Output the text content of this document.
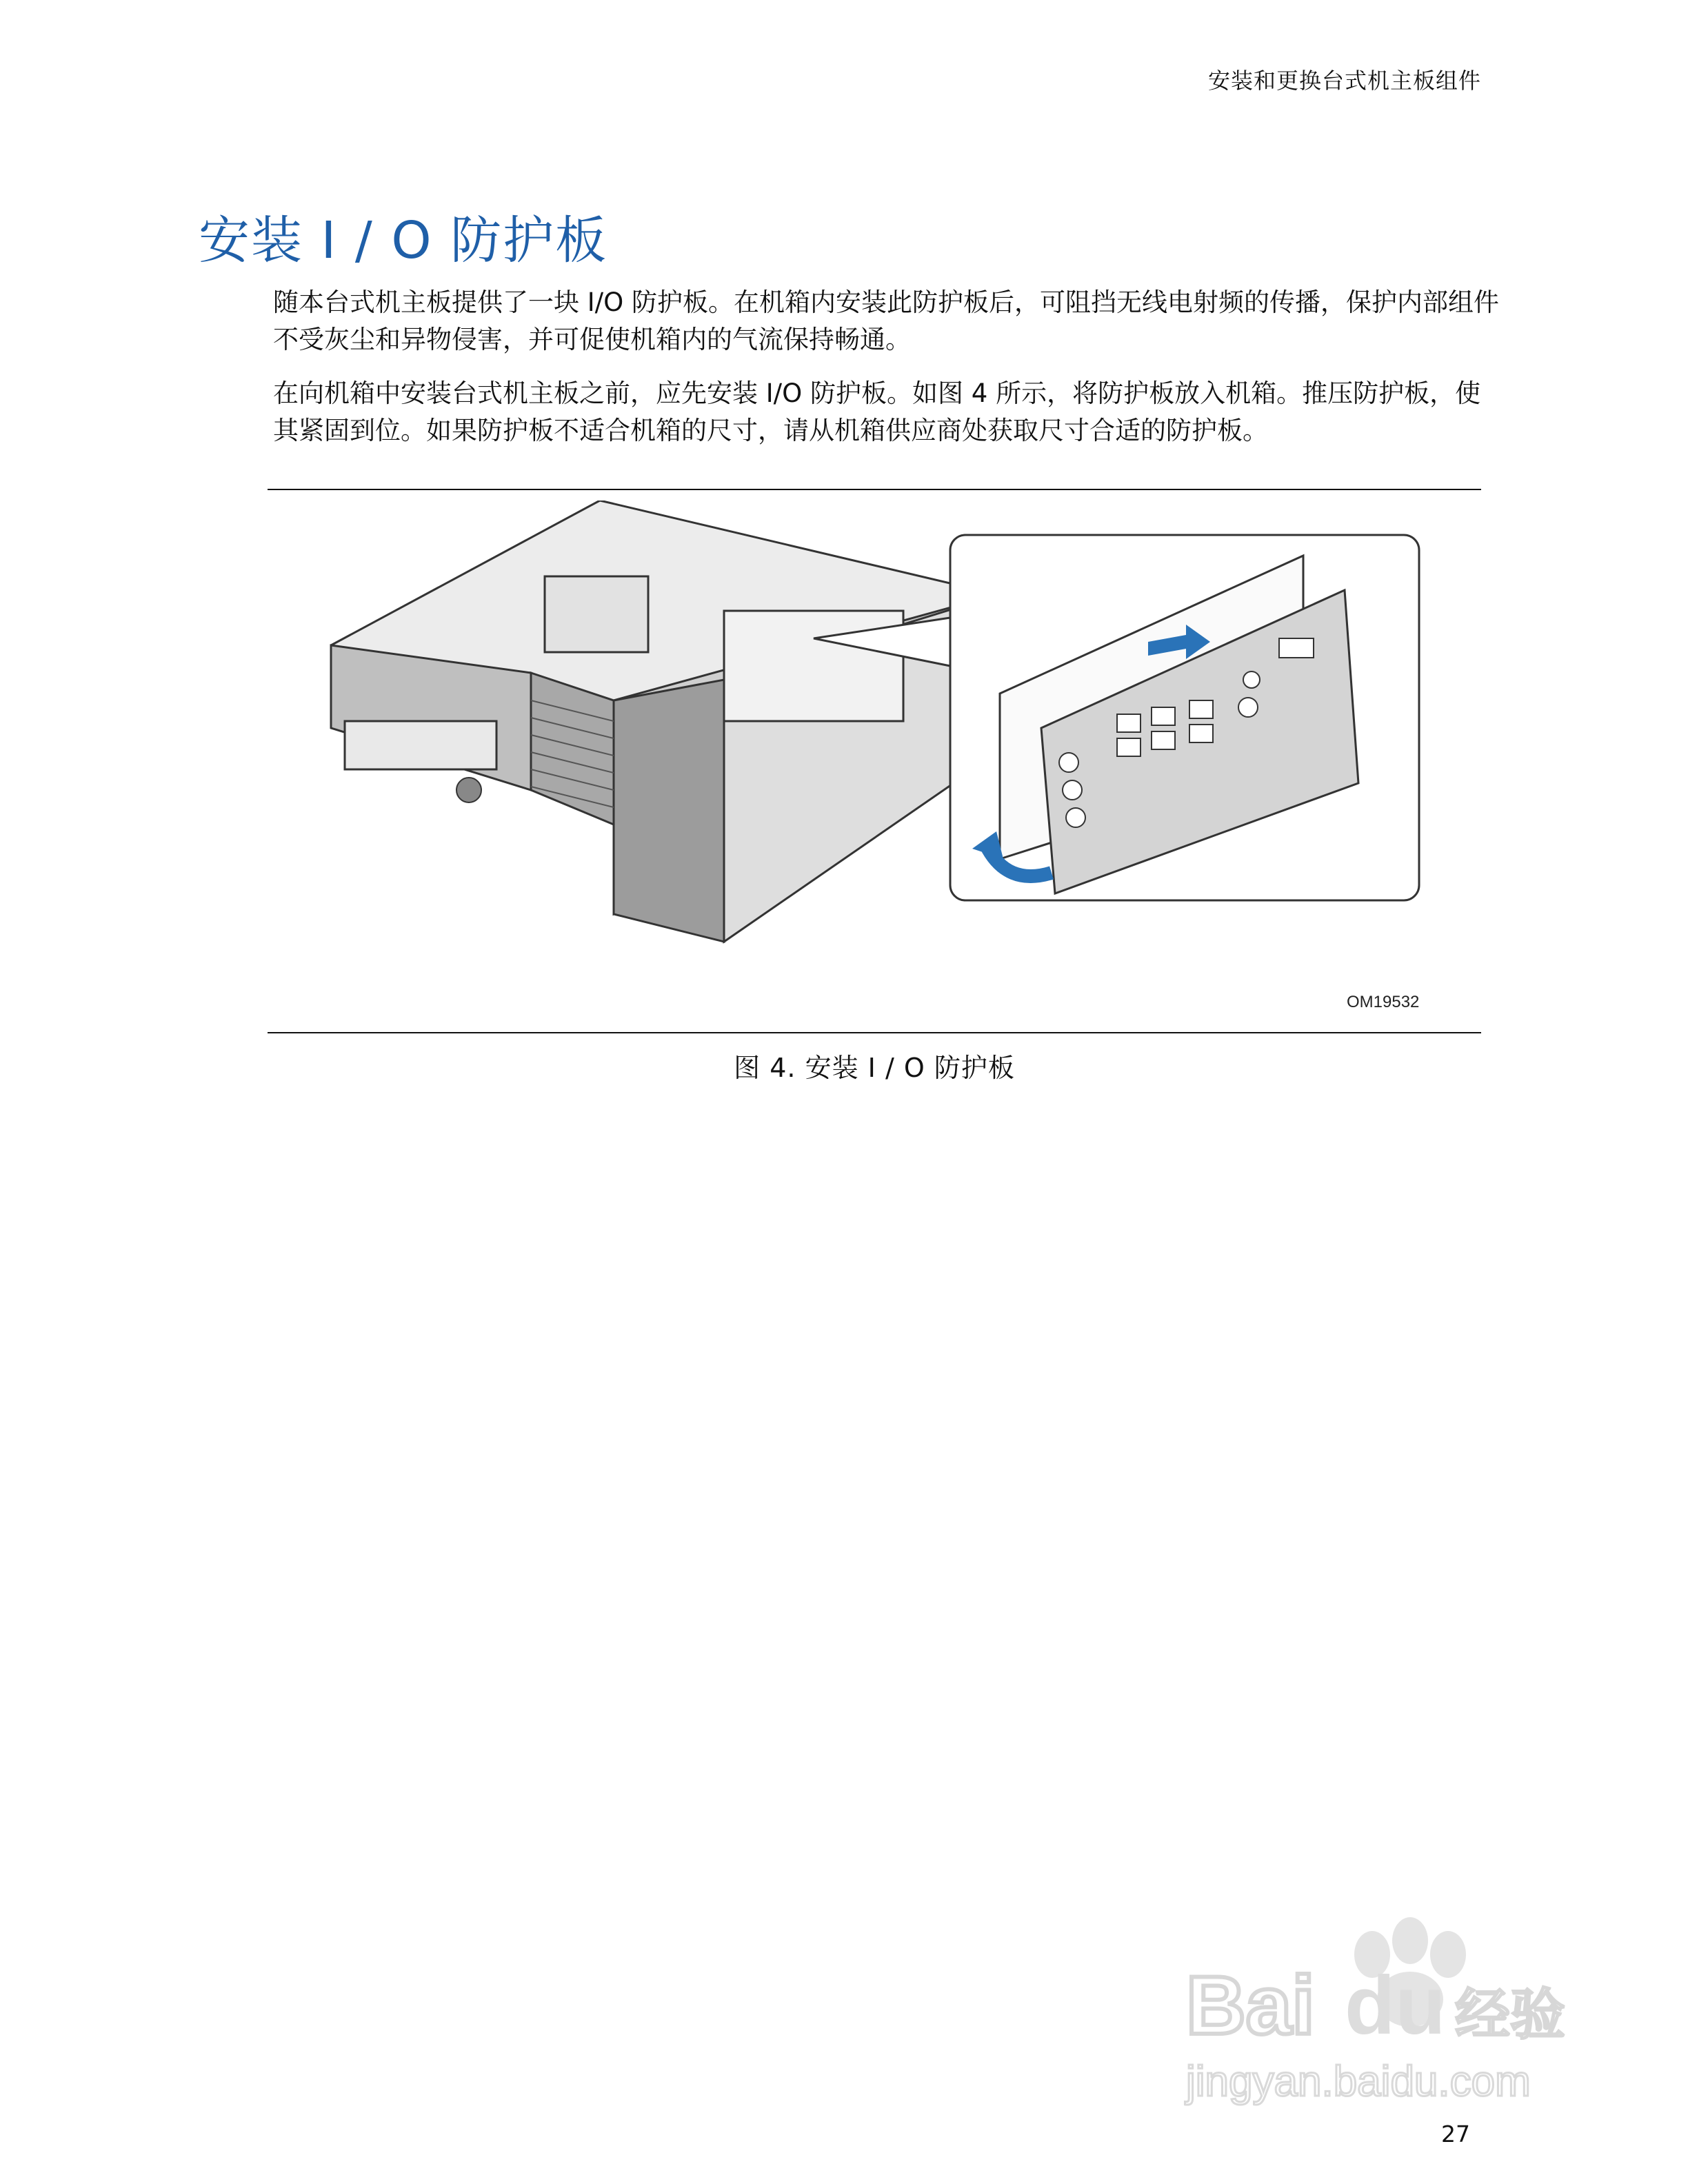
安装和更换台式机主板组件
安装 I / O 防护板

随本台式机主板提供了一块 I/O 防护板。在机箱内安装此防护板后，可阻挡无线电射频的传播，保护内部组件不受灰尘和异物侵害，并可促使机箱内的气流保持畅通。

在向机箱中安装台式机主板之前，应先安装 I/O 防护板。如图 4 所示，将防护板放入机箱。推压防护板，使其紧固到位。如果防护板不适合机箱的尺寸，请从机箱供应商处获取尺寸合适的防护板。

OM19532
图 4. 安装 I / O 防护板
Bai du 经验
jingyan.baidu.com
27
